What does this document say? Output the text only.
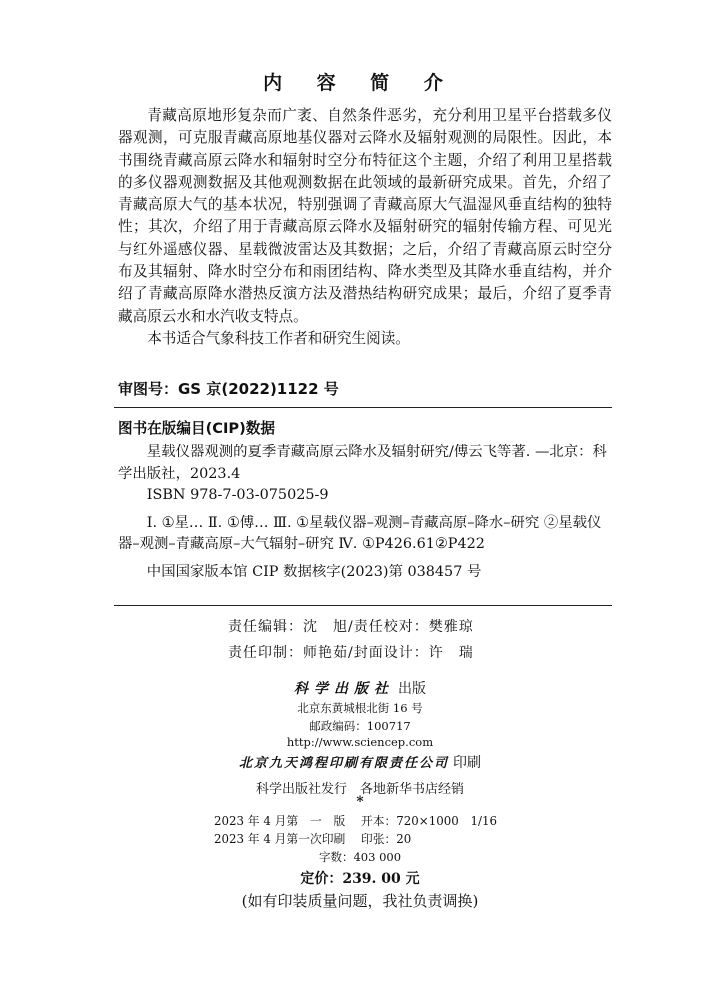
内 容 简 介

青藏高原地形复杂而广袤、自然条件恶劣，充分利用卫星平台搭载多仪器观测，可克服青藏高原地基仪器对云降水及辐射观测的局限性。因此，本书围绕青藏高原云降水和辐射时空分布特征这个主题，介绍了利用卫星搭载的多仪器观测数据及其他观测数据在此领域的最新研究成果。首先，介绍了青藏高原大气的基本状况，特别强调了青藏高原大气温湿风垂直结构的独特性；其次，介绍了用于青藏高原云降水及辐射研究的辐射传输方程、可见光与红外遥感仪器、星载微波雷达及其数据；之后，介绍了青藏高原云时空分布及其辐射、降水时空分布和雨团结构、降水类型及其降水垂直结构，并介绍了青藏高原降水潜热反演方法及潜热结构研究成果；最后，介绍了夏季青藏高原云水和水汽收支特点。

本书适合气象科技工作者和研究生阅读。

审图号：GS 京(2022)1122 号
图书在版编目(CIP)数据
星载仪器观测的夏季青藏高原云降水及辐射研究/傅云飞等著. —北京：科学出版社，2023.4
ISBN 978-7-03-075025-9
Ⅰ. ①星… Ⅱ. ①傅… Ⅲ. ①星载仪器–观测–青藏高原–降水–研究 ②星载仪器–观测–青藏高原–大气辐射–研究 Ⅳ. ①P426.61②P422
中国国家版本馆 CIP 数据核字(2023)第 038457 号
责任编辑：沈　旭/责任校对：樊雅琼
责任印制：师艳茹/封面设计：许　瑞
科学出版社 出版
北京东黄城根北街 16 号
邮政编码：100717
http://www.sciencep.com
北京九天鸿程印刷有限责任公司 印刷
科学出版社发行　各地新华书店经销
*
2023 年 4 月第　一　版　 开本：720×1000　1/16
2023 年 4 月第一次印刷　 印张：20
字数：403 000
定价：239. 00 元
(如有印装质量问题，我社负责调换)
